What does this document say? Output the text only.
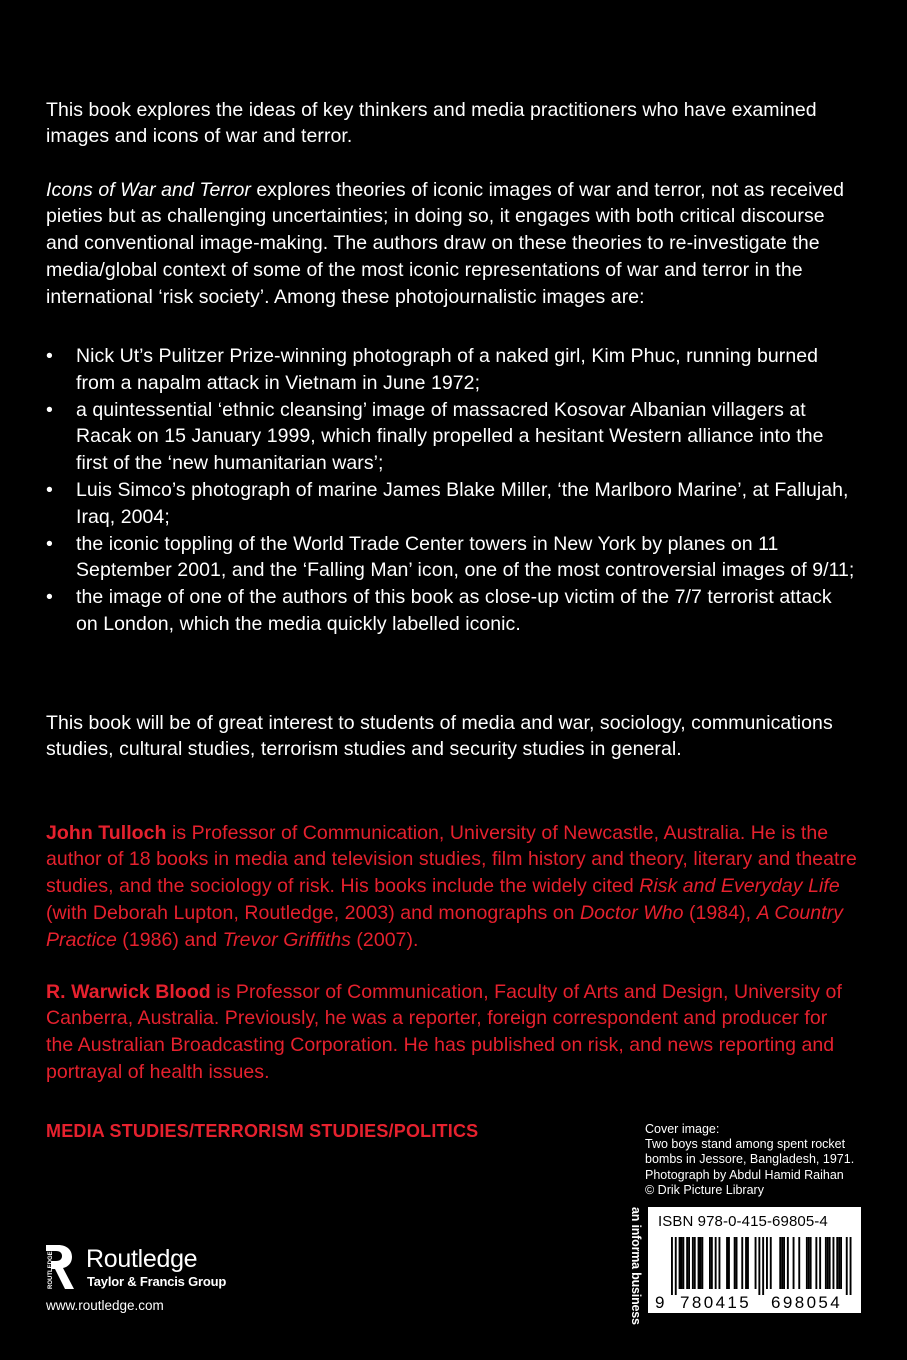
This book explores the ideas of key thinkers and media practitioners who have examined images and icons of war and terror.

Icons of War and Terror explores theories of iconic images of war and terror, not as received pieties but as challenging uncertainties; in doing so, it engages with both critical discourse and conventional image-making. The authors draw on these theories to re-investigate the media/global context of some of the most iconic representations of war and terror in the international ‘risk society’. Among these photojournalistic images are:

•	Nick Ut’s Pulitzer Prize-winning photograph of a naked girl, Kim Phuc, running burned from a napalm attack in Vietnam in June 1972;
•	a quintessential ‘ethnic cleansing’ image of massacred Kosovar Albanian villagers at Racak on 15 January 1999, which finally propelled a hesitant Western alliance into the first of the ‘new humanitarian wars’;
•	Luis Simco’s photograph of marine James Blake Miller, ‘the Marlboro Marine’, at Fallujah, Iraq, 2004;
•	the iconic toppling of the World Trade Center towers in New York by planes on 11 September 2001, and the ‘Falling Man’ icon, one of the most controversial images of 9/11;
•	the image of one of the authors of this book as close-up victim of the 7/7 terrorist attack on London, which the media quickly labelled iconic.

This book will be of great interest to students of media and war, sociology, communications studies, cultural studies, terrorism studies and security studies in general.

John Tulloch is Professor of Communication, University of Newcastle, Australia. He is the author of 18 books in media and television studies, film history and theory, literary and theatre studies, and the sociology of risk. His books include the widely cited Risk and Everyday Life (with Deborah Lupton, Routledge, 2003) and monographs on Doctor Who (1984), A Country Practice (1986) and Trevor Griffiths (2007).

R. Warwick Blood is Professor of Communication, Faculty of Arts and Design, University of Canberra, Australia. Previously, he was a reporter, foreign correspondent and producer for the Australian Broadcasting Corporation. He has published on risk, and news reporting and portrayal of health issues.

MEDIA STUDIES/TERRORISM STUDIES/POLITICS	Cover image:
Two boys stand among spent rocket
bombs in Jessore, Bangladesh, 1971.
Photograph by Abdul Hamid Raihan
© Drik Picture Library
ROUTLEDGE Routledge
Taylor & Francis Group
www.routledge.com	an informa business ISBN 978-0-415-69805-4
9 780415 698054
